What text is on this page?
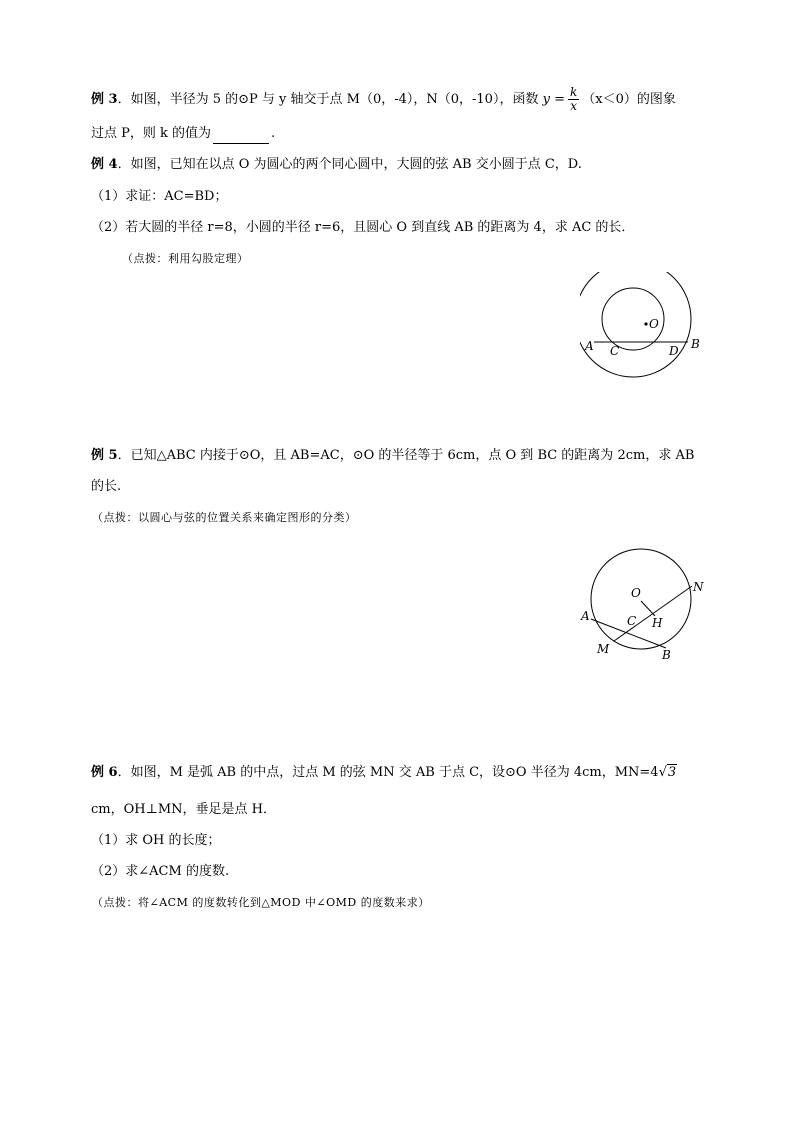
例 3．如图，半径为 5 的⊙P 与 y 轴交于点 M（0，-4），N（0，-10），函数 $y = \frac{k}{x} (x<0)$的图象
过点 P，则 k 的值为	.
例 4．如图，已知在以点 O 为圆心的两个同心圆中，大圆的弦 AB 交小圆于点 C，D.
（1）求证：AC=BD；
（2）若大圆的半径 r=8，小圆的半径 r=6，且圆心 O 到直线 AB 的距离为 4，求 AC 的长．
（点拨：利用勾股定理）
O
A C	D B
例 5．已知△ABC 内接于⊙O，且 AB=AC，⊙O 的半径等于 6cm，点 O 到 BC 的距离为 2cm，求 AB
的长.
（点拨：以圆心与弦的位置关系来确定图形的分类）
O	N
A	C H
M	B
例 6．如图，M 是弧 AB 的中点，过点 M 的弦 MN 交 AB 于点 C，设⊙O 半径为 4cm，MN=4√3
cm，OH⊥MN，垂足是点 H．
（1）求 OH 的长度；
（2）求∠ACM 的度数.
（点拨：将∠ACM 的度数转化到△MOD 中∠OMD 的度数来求）
